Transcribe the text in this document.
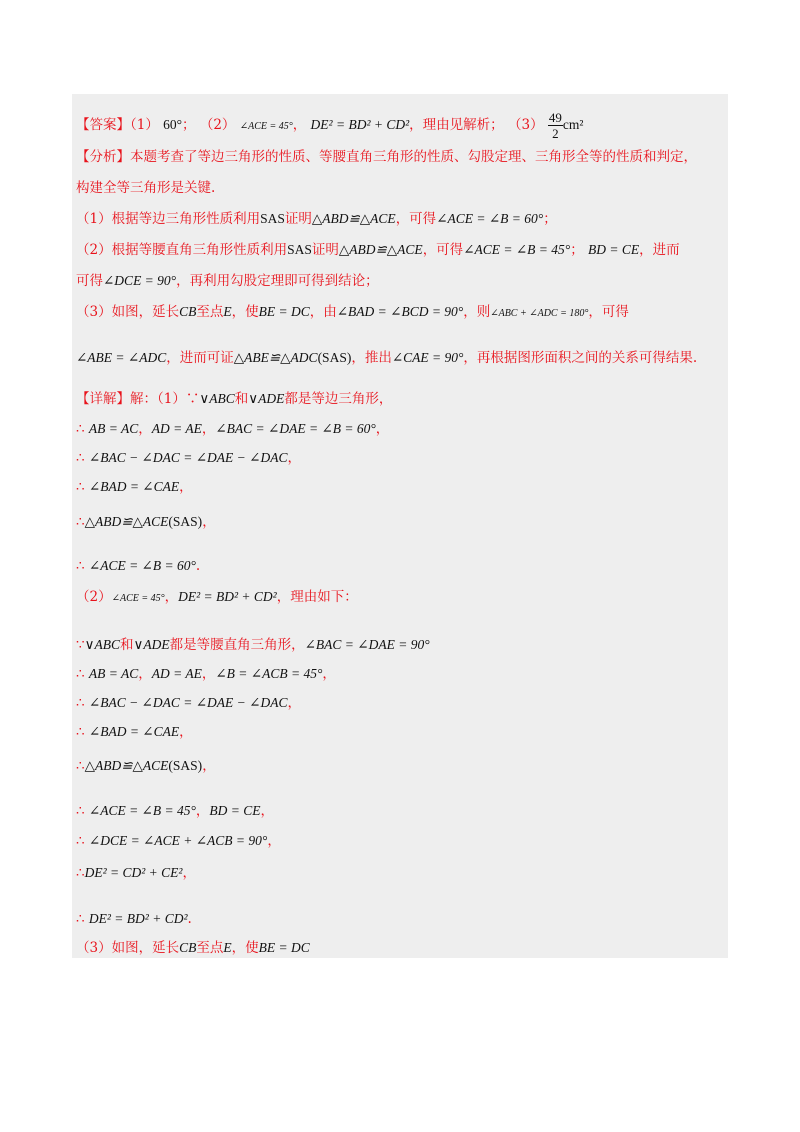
【答案】（1） 60°； （2） ∠ACE = 45°， DE² = BD² + CD²，理由见解析； $(3) \frac{49}{2} cm^2$
【分析】本题考查了等边三角形的性质、等腰直角三角形的性质、勾股定理、三角形全等的性质和判定，
构建全等三角形是关键.
（1）根据等边三角形性质利用SAS证明△ABD≌△ACE，可得∠ACE = ∠B = 60°；
（2）根据等腰直角三角形性质利用SAS证明△ABD≌△ACE，可得∠ACE = ∠B = 45°； BD = CE，进而
可得∠DCE = 90°，再利用勾股定理即可得到结论；
（3）如图，延长CB至点E，使BE = DC，由∠BAD = ∠BCD = 90°，则∠ABC + ∠ADC = 180°，可得
∠ABE = ∠ADC，进而可证△ABE≌△ADC(SAS)，推出∠CAE = 90°，再根据图形面积之间的关系可得结果.
【详解】解：（1）∵∨ABC和∨ADE都是等边三角形，
∴ AB = AC，AD = AE，∠BAC = ∠DAE = ∠B = 60°，
∴ ∠BAC − ∠DAC = ∠DAE − ∠DAC，
∴ ∠BAD = ∠CAE，
∴△ABD≌△ACE(SAS)，
∴ ∠ACE = ∠B = 60°.
（2）∠ACE = 45°，DE² = BD² + CD²，理由如下：
∵∨ABC和∨ADE都是等腰直角三角形，∠BAC = ∠DAE = 90°
∴ AB = AC，AD = AE，∠B = ∠ACB = 45°，
∴ ∠BAC − ∠DAC = ∠DAE − ∠DAC，
∴ ∠BAD = ∠CAE，
∴△ABD≌△ACE(SAS)，
∴ ∠ACE = ∠B = 45°，BD = CE，
∴ ∠DCE = ∠ACE + ∠ACB = 90°，
∴DE² = CD² + CE²，
∴ DE² = BD² + CD².
（3）如图，延长CB至点E，使BE = DC
